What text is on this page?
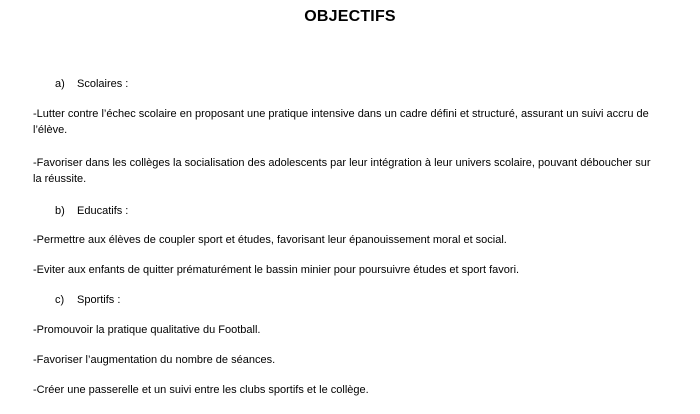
OBJECTIFS
a) Scolaires :
-Lutter contre l’échec scolaire en proposant une pratique intensive dans un cadre défini et structuré, assurant un suivi accru de l’élève.
-Favoriser dans les collèges la socialisation des adolescents par leur intégration à leur univers scolaire, pouvant déboucher sur la réussite.
b) Educatifs :
-Permettre aux élèves de coupler sport et études, favorisant leur épanouissement moral et social.
-Eviter aux enfants de quitter prématurément le bassin minier pour poursuivre études et sport favori.
c) Sportifs :
-Promouvoir la pratique qualitative du Football.
-Favoriser l’augmentation du nombre de séances.
-Créer une passerelle et un suivi entre les clubs sportifs et le collège.
